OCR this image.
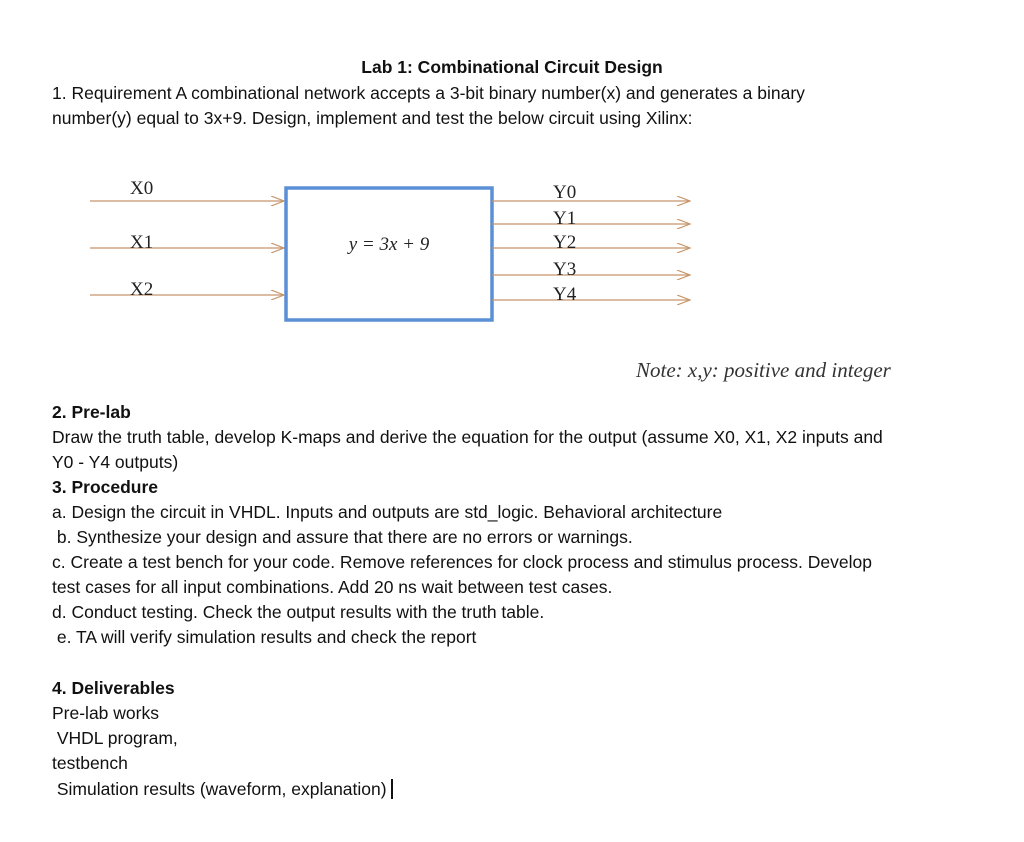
Lab 1: Combinational Circuit Design
1. Requirement A combinational network accepts a 3-bit binary number(x) and generates a binary
number(y) equal to 3x+9. Design, implement and test the below circuit using Xilinx:
X0
X1
X2
y = 3x + 9
Y0
Y1
Y2
Y3
Y4
Note: x,y: positive and integer
2. Pre-lab
Draw the truth table, develop K-maps and derive the equation for the output (assume X0, X1, X2 inputs and
Y0 - Y4 outputs)
3. Procedure
a. Design the circuit in VHDL. Inputs and outputs are std_logic. Behavioral architecture
b. Synthesize your design and assure that there are no errors or warnings.
c. Create a test bench for your code. Remove references for clock process and stimulus process. Develop
test cases for all input combinations. Add 20 ns wait between test cases.
d. Conduct testing. Check the output results with the truth table.
e. TA will verify simulation results and check the report
4. Deliverables
Pre-lab works
VHDL program,
testbench
Simulation results (waveform, explanation)
